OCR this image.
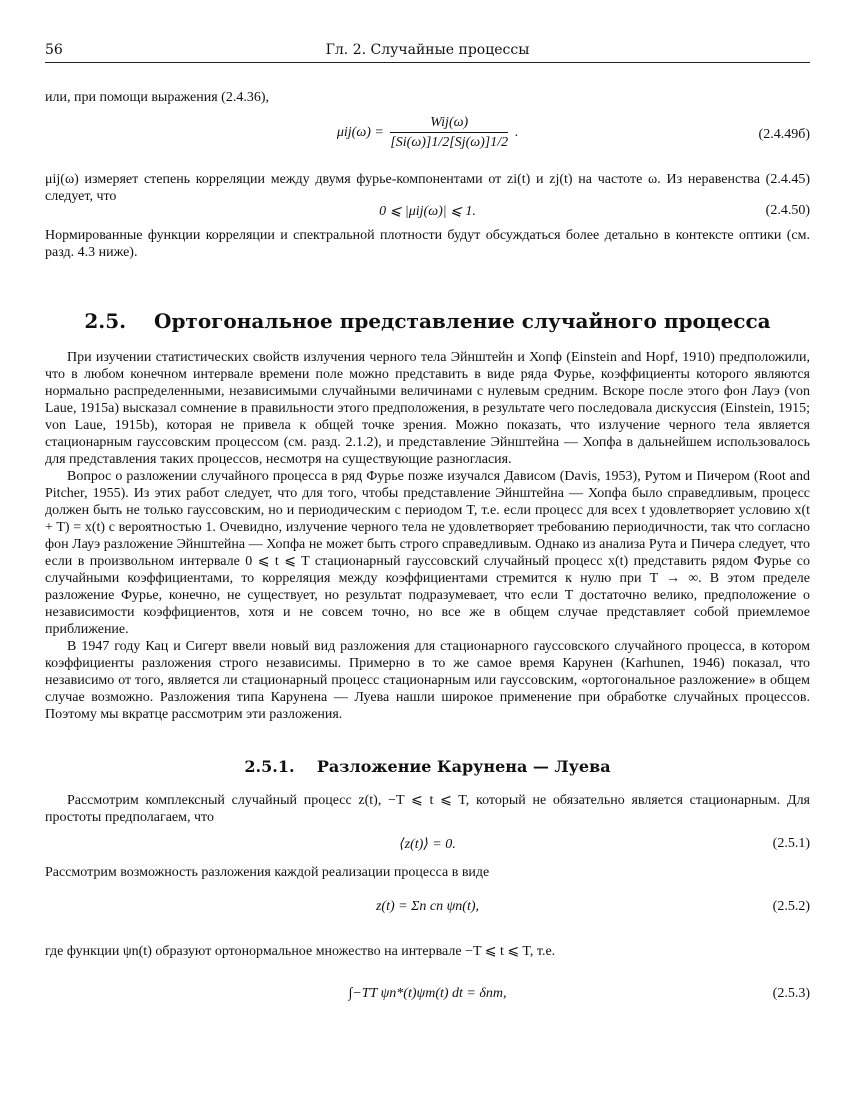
56	Гл. 2. Случайные процессы

или, при помощи выражения (2.4.36),

$\mu ij(\omega) = \frac{\text{Wij(ω)}}{[Si(\omega)]1/2[Sj(\omega)]1/2}$ .	(2.4.49б)

μij(ω) измеряет степень корреляции между двумя фурье-компонентами от zi(t) и zj(t) на частоте ω. Из неравенства (2.4.45) следует, что

0 ⩽ |μij(ω)| ⩽ 1.	(2.4.50)

Нормированные функции корреляции и спектральной плотности будут обсуждаться более детально в контексте оптики (см. разд. 4.3 ниже).

2.5. Ортогональное представление случайного процесса

При изучении статистических свойств излучения черного тела Эйнштейн и Хопф (Einstein and Hopf, 1910) предположили, что в любом конечном интервале времени поле можно представить в виде ряда Фурье, коэффициенты которого являются нормально распределенными, независимыми случайными величинами с нулевым средним. Вскоре после этого фон Лауэ (von Laue, 1915a) высказал сомнение в правильности этого предположения, в результате чего последовала дискуссия (Einstein, 1915; von Laue, 1915b), которая не привела к общей точке зрения. Можно показать, что излучение черного тела является стационарным гауссовским процессом (см. разд. 2.1.2), и представление Эйнштейна — Хопфа в дальнейшем использовалось для представления таких процессов, несмотря на существующие разногласия.

Вопрос о разложении случайного процесса в ряд Фурье позже изучался Дависом (Davis, 1953), Рутом и Пичером (Root and Pitcher, 1955). Из этих работ следует, что для того, чтобы представление Эйнштейна — Хопфа было справедливым, процесс должен быть не только гауссовским, но и периодическим с периодом T, т.е. если процесс для всех t удовлетворяет условию x(t + T) = x(t) с вероятностью 1. Очевидно, излучение черного тела не удовлетворяет требованию периодичности, так что согласно фон Лауэ разложение Эйнштейна — Хопфа не может быть строго справедливым. Однако из анализа Рута и Пичера следует, что если в произвольном интервале 0 ⩽ t ⩽ T стационарный гауссовский случайный процесс x(t) представить рядом Фурье со случайными коэффициентами, то корреляция между коэффициентами стремится к нулю при T → ∞. В этом пределе разложение Фурье, конечно, не существует, но результат подразумевает, что если T достаточно велико, предположение о независимости коэффициентов, хотя и не совсем точно, но все же в общем случае представляет собой приемлемое приближение.

В 1947 году Кац и Сигерт ввели новый вид разложения для стационарного гауссовского случайного процесса, в котором коэффициенты разложения строго независимы. Примерно в то же самое время Карунен (Karhunen, 1946) показал, что независимо от того, является ли стационарный процесс стационарным или гауссовским, «ортогональное разложение» в общем случае возможно. Разложения типа Карунена — Луева нашли широкое применение при обработке случайных процессов. Поэтому мы вкратце рассмотрим эти разложения.

2.5.1. Разложение Карунена — Луева

Рассмотрим комплексный случайный процесс z(t), −T ⩽ t ⩽ T, который не обязательно является стационарным. Для простоты предполагаем, что

⟨z(t)⟩ = 0.	(2.5.1)

Рассмотрим возможность разложения каждой реализации процесса в виде

z(t) = Σn cn ψn(t),	(2.5.2)

где функции ψn(t) образуют ортонормальное множество на интервале −T ⩽ t ⩽ T, т.е.

∫−TT ψn*(t)ψm(t) dt = δnm,	(2.5.3)
